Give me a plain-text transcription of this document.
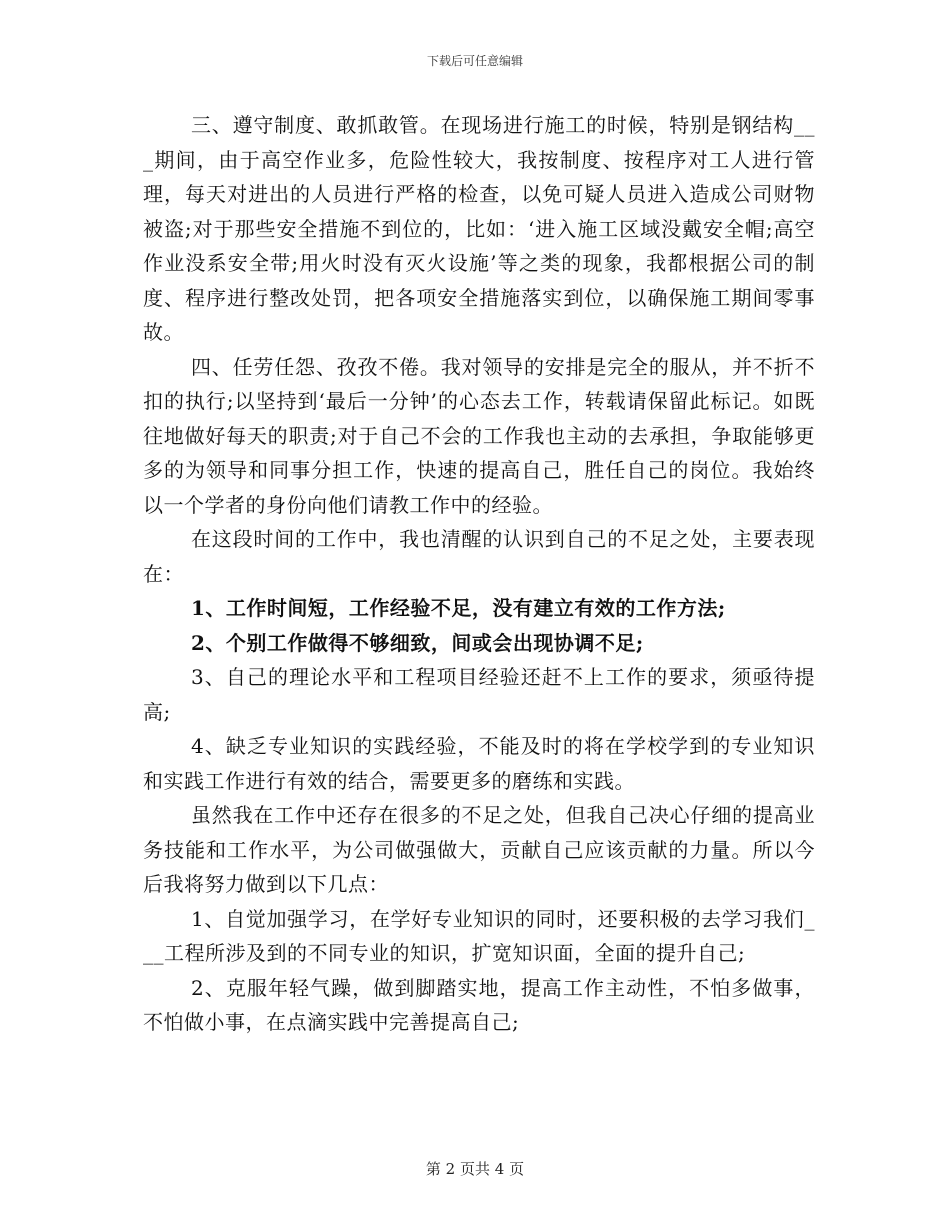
下载后可任意编辑

三、遵守制度、敢抓敢管。在现场进行施工的时候，特别是钢结构___期间，由于高空作业多，危险性较大，我按制度、按程序对工人进行管理，每天对进出的人员进行严格的检查，以免可疑人员进入造成公司财物被盗;对于那些安全措施不到位的，比如：‘进入施工区域没戴安全帽;高空作业没系安全带;用火时没有灭火设施’等之类的现象，我都根据公司的制度、程序进行整改处罚，把各项安全措施落实到位，以确保施工期间零事故。

四、任劳任怨、孜孜不倦。我对领导的安排是完全的服从，并不折不扣的执行;以坚持到‘最后一分钟’的心态去工作，转载请保留此标记。如既往地做好每天的职责;对于自己不会的工作我也主动的去承担，争取能够更多的为领导和同事分担工作，快速的提高自己，胜任自己的岗位。我始终以一个学者的身份向他们请教工作中的经验。

在这段时间的工作中，我也清醒的认识到自己的不足之处，主要表现在：

1、工作时间短，工作经验不足，没有建立有效的工作方法;

2、个别工作做得不够细致，间或会出现协调不足;

3、自己的理论水平和工程项目经验还赶不上工作的要求，须亟待提高;

4、缺乏专业知识的实践经验，不能及时的将在学校学到的专业知识和实践工作进行有效的结合，需要更多的磨练和实践。

虽然我在工作中还存在很多的不足之处，但我自己决心仔细的提高业务技能和工作水平，为公司做强做大，贡献自己应该贡献的力量。所以今后我将努力做到以下几点：

1、自觉加强学习，在学好专业知识的同时，还要积极的去学习我们___工程所涉及到的不同专业的知识，扩宽知识面，全面的提升自己;

2、克服年轻气躁，做到脚踏实地，提高工作主动性，不怕多做事，不怕做小事，在点滴实践中完善提高自己;

第 2 页共 4 页
